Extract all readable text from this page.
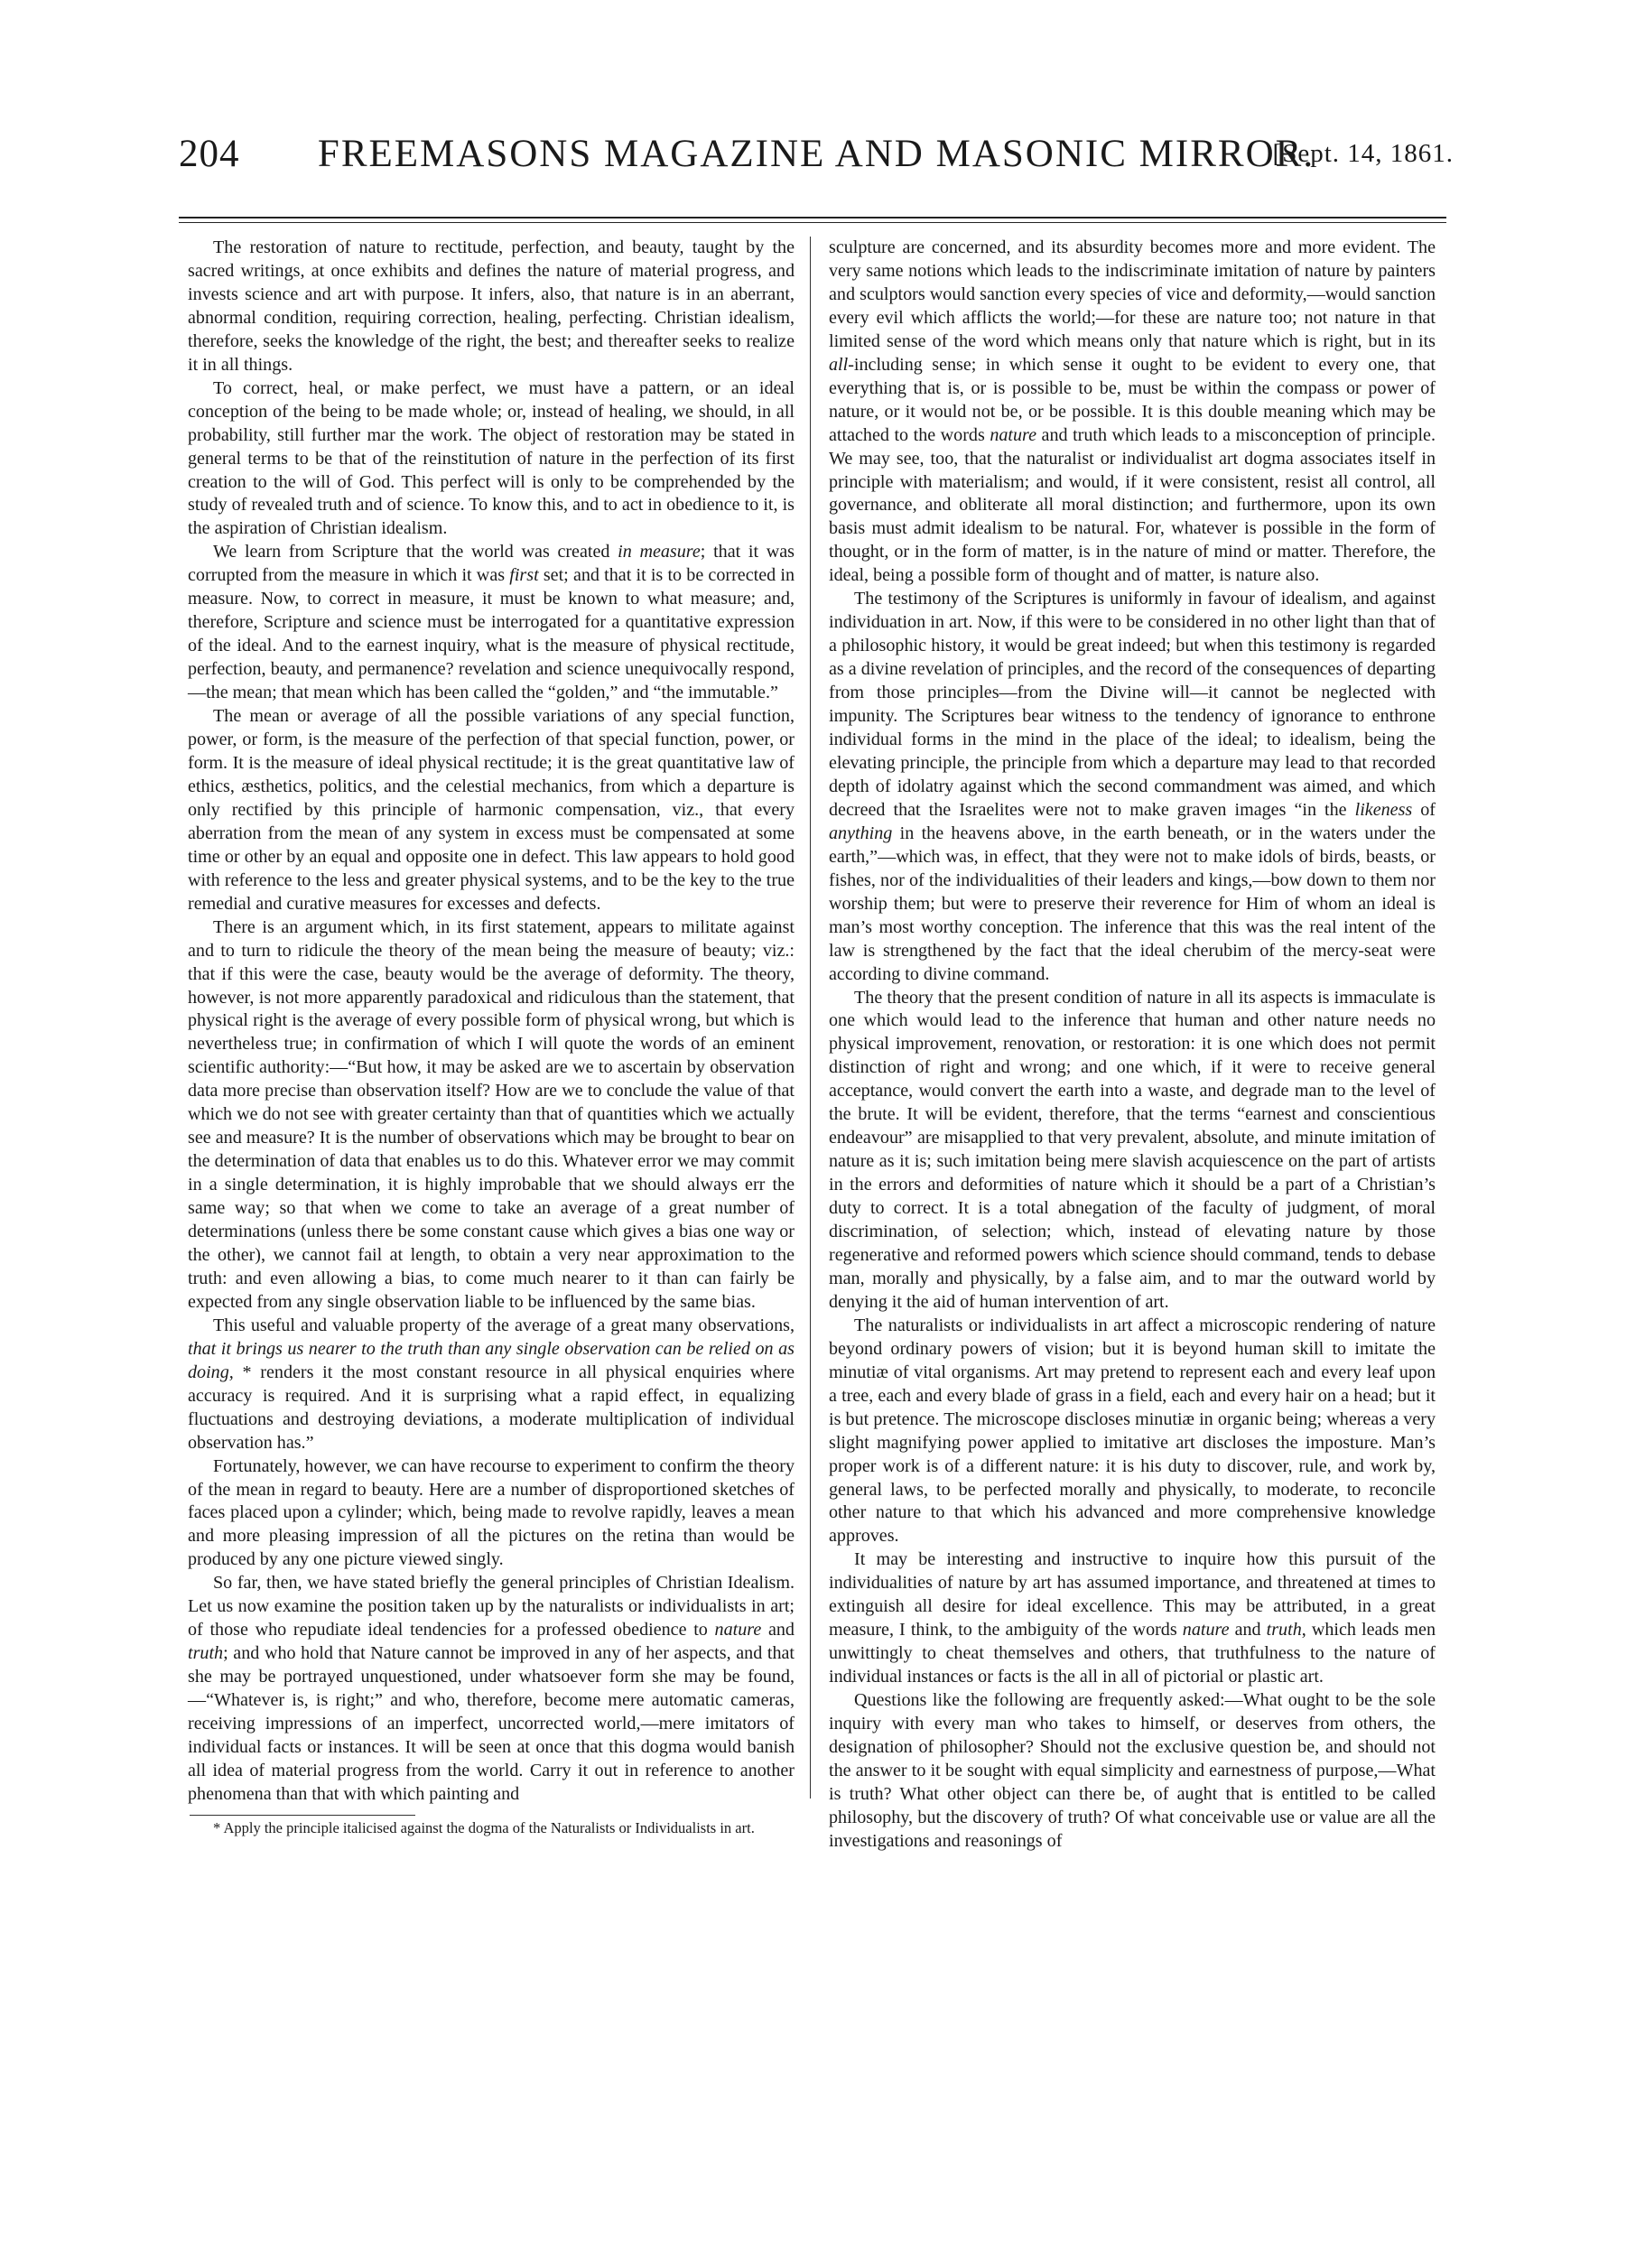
204	FREEMASONS MAGAZINE AND MASONIC MIRROR.
[Sept. 14, 1861.

The restoration of nature to rectitude, perfection, and beauty, taught by the sacred writings, at once exhibits and defines the nature of material progress, and invests science and art with purpose. It infers, also, that nature is in an aberrant, abnormal condition, requiring correction, healing, perfecting. Christian idealism, therefore, seeks the knowledge of the right, the best; and thereafter seeks to realize it in all things.

To correct, heal, or make perfect, we must have a pattern, or an ideal conception of the being to be made whole; or, instead of healing, we should, in all probability, still further mar the work. The object of restoration may be stated in general terms to be that of the reinstitution of nature in the perfection of its first creation to the will of God. This perfect will is only to be comprehended by the study of revealed truth and of science. To know this, and to act in obedience to it, is the aspiration of Christian idealism.

We learn from Scripture that the world was created in measure; that it was corrupted from the measure in which it was first set; and that it is to be corrected in measure. Now, to correct in measure, it must be known to what measure; and, therefore, Scripture and science must be interrogated for a quantitative expression of the ideal. And to the earnest inquiry, what is the measure of physical rectitude, perfection, beauty, and permanence? revelation and science unequivocally respond,—the mean; that mean which has been called the “golden,” and “the immutable.”

The mean or average of all the possible variations of any special function, power, or form, is the measure of the perfection of that special function, power, or form. It is the measure of ideal physical rectitude; it is the great quantitative law of ethics, æsthetics, politics, and the celestial mechanics, from which a departure is only rectified by this principle of harmonic compensation, viz., that every aberration from the mean of any system in excess must be compensated at some time or other by an equal and opposite one in defect. This law appears to hold good with reference to the less and greater physical systems, and to be the key to the true remedial and curative measures for excesses and defects.

There is an argument which, in its first statement, appears to militate against and to turn to ridicule the theory of the mean being the measure of beauty; viz.: that if this were the case, beauty would be the average of deformity. The theory, however, is not more apparently paradoxical and ridiculous than the statement, that physical right is the average of every possible form of physical wrong, but which is nevertheless true; in confirmation of which I will quote the words of an eminent scientific authority:—“But how, it may be asked are we to ascertain by observation data more precise than observation itself? How are we to conclude the value of that which we do not see with greater certainty than that of quantities which we actually see and measure? It is the number of observations which may be brought to bear on the determination of data that enables us to do this. Whatever error we may commit in a single determination, it is highly improbable that we should always err the same way; so that when we come to take an average of a great number of determinations (unless there be some constant cause which gives a bias one way or the other), we cannot fail at length, to obtain a very near approximation to the truth: and even allowing a bias, to come much nearer to it than can fairly be expected from any single observation liable to be influenced by the same bias.

This useful and valuable property of the average of a great many observations, that it brings us nearer to the truth than any single observation can be relied on as doing, * renders it the most constant resource in all physical enquiries where accuracy is required. And it is surprising what a rapid effect, in equalizing fluctuations and destroying deviations, a moderate multiplication of individual observation has.”

Fortunately, however, we can have recourse to experiment to confirm the theory of the mean in regard to beauty. Here are a number of disproportioned sketches of faces placed upon a cylinder; which, being made to revolve rapidly, leaves a mean and more pleasing impression of all the pictures on the retina than would be produced by any one picture viewed singly.

So far, then, we have stated briefly the general principles of Christian Idealism. Let us now examine the position taken up by the naturalists or individualists in art; of those who repudiate ideal tendencies for a professed obedience to nature and truth; and who hold that Nature cannot be improved in any of her aspects, and that she may be portrayed unquestioned, under whatsoever form she may be found,—“Whatever is, is right;” and who, therefore, become mere automatic cameras, receiving impressions of an imperfect, uncorrected world,—mere imitators of individual facts or instances. It will be seen at once that this dogma would banish all idea of material progress from the world. Carry it out in reference to another phenomena than that with which painting and

* Apply the principle italicised against the dogma of the Naturalists or Individualists in art.

sculpture are concerned, and its absurdity becomes more and more evident. The very same notions which leads to the indiscriminate imitation of nature by painters and sculptors would sanction every species of vice and deformity,—would sanction every evil which afflicts the world;—for these are nature too; not nature in that limited sense of the word which means only that nature which is right, but in its all-including sense; in which sense it ought to be evident to every one, that everything that is, or is possible to be, must be within the compass or power of nature, or it would not be, or be possible. It is this double meaning which may be attached to the words nature and truth which leads to a misconception of principle. We may see, too, that the naturalist or individualist art dogma associates itself in principle with materialism; and would, if it were consistent, resist all control, all governance, and obliterate all moral distinction; and furthermore, upon its own basis must admit idealism to be natural. For, whatever is possible in the form of thought, or in the form of matter, is in the nature of mind or matter. Therefore, the ideal, being a possible form of thought and of matter, is nature also.

The testimony of the Scriptures is uniformly in favour of idealism, and against individuation in art. Now, if this were to be considered in no other light than that of a philosophic history, it would be great indeed; but when this testimony is regarded as a divine revelation of principles, and the record of the consequences of departing from those principles—from the Divine will—it cannot be neglected with impunity. The Scriptures bear witness to the tendency of ignorance to enthrone individual forms in the mind in the place of the ideal; to idealism, being the elevating principle, the principle from which a departure may lead to that recorded depth of idolatry against which the second commandment was aimed, and which decreed that the Israelites were not to make graven images “in the likeness of anything in the heavens above, in the earth beneath, or in the waters under the earth,”—which was, in effect, that they were not to make idols of birds, beasts, or fishes, nor of the individualities of their leaders and kings,—bow down to them nor worship them; but were to preserve their reverence for Him of whom an ideal is man’s most worthy conception. The inference that this was the real intent of the law is strengthened by the fact that the ideal cherubim of the mercy-seat were according to divine command.

The theory that the present condition of nature in all its aspects is immaculate is one which would lead to the inference that human and other nature needs no physical improvement, renovation, or restoration: it is one which does not permit distinction of right and wrong; and one which, if it were to receive general acceptance, would convert the earth into a waste, and degrade man to the level of the brute. It will be evident, therefore, that the terms “earnest and conscientious endeavour” are misapplied to that very prevalent, absolute, and minute imitation of nature as it is; such imitation being mere slavish acquiescence on the part of artists in the errors and deformities of nature which it should be a part of a Christian’s duty to correct. It is a total abnegation of the faculty of judgment, of moral discrimination, of selection; which, instead of elevating nature by those regenerative and reformed powers which science should command, tends to debase man, morally and physically, by a false aim, and to mar the outward world by denying it the aid of human intervention of art.

The naturalists or individualists in art affect a microscopic rendering of nature beyond ordinary powers of vision; but it is beyond human skill to imitate the minutiæ of vital organisms. Art may pretend to represent each and every leaf upon a tree, each and every blade of grass in a field, each and every hair on a head; but it is but pretence. The microscope discloses minutiæ in organic being; whereas a very slight magnifying power applied to imitative art discloses the imposture. Man’s proper work is of a different nature: it is his duty to discover, rule, and work by, general laws, to be perfected morally and physically, to moderate, to reconcile other nature to that which his advanced and more comprehensive knowledge approves.

It may be interesting and instructive to inquire how this pursuit of the individualities of nature by art has assumed importance, and threatened at times to extinguish all desire for ideal excellence. This may be attributed, in a great measure, I think, to the ambiguity of the words nature and truth, which leads men unwittingly to cheat themselves and others, that truthfulness to the nature of individual instances or facts is the all in all of pictorial or plastic art.

Questions like the following are frequently asked:—What ought to be the sole inquiry with every man who takes to himself, or deserves from others, the designation of philosopher? Should not the exclusive question be, and should not the answer to it be sought with equal simplicity and earnestness of purpose,—What is truth? What other object can there be, of aught that is entitled to be called philosophy, but the discovery of truth? Of what conceivable use or value are all the investigations and reasonings of
